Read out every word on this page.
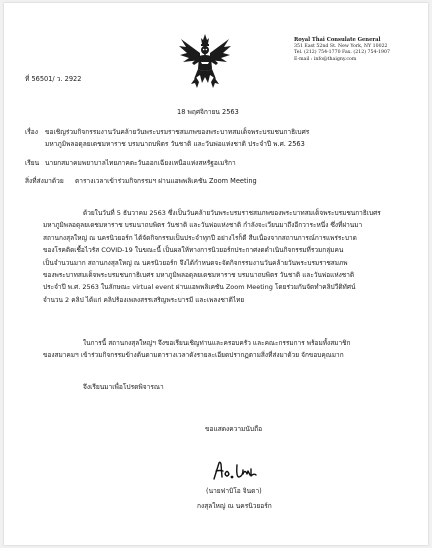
Royal Thai Consulate General
351 East 52nd St. New York, NY 10022
Tel. (212) 754-1770 Fax. (212) 754-1907
E-mail : info@thaigny.com
ที่ 56501/ ว. 2922
18 พฤศจิกายน 2563
เรื่อง ขอเชิญร่วมกิจกรรมงานวันคล้ายวันพระบรมราชสมภพของพระบาทสมเด็จพระบรมชนกาธิเบศร
มหาภูมิพลอดุลยเดชมหาราช บรมนาถบพิตร วันชาติ และวันพ่อแห่งชาติ ประจำปี พ.ศ. 2563
เรียน นายกสมาคมพยาบาลไทยภาคตะวันออกเฉียงเหนือแห่งสหรัฐอเมริกา
สิ่งที่ส่งมาด้วย ตารางเวลาเข้าร่วมกิจกรรมฯ ผ่านแอพพลิเคชัน Zoom Meeting
ด้วยในวันที่ 5 ธันวาคม 2563 ซึ่งเป็นวันคล้ายวันพระบรมราชสมภพของพระบาทสมเด็จพระบรมชนกาธิเบศร
มหาภูมิพลอดุลยเดชมหาราช บรมนาถบพิตร วันชาติ และวันพ่อแห่งชาติ กำลังจะเวียนมาถึงอีกวาระหนึ่ง ซึ่งที่ผ่านมา
สถานกงสุลใหญ่ ณ นครนิวยอร์ก ได้จัดกิจกรรมเป็นประจำทุกปี อย่างไรก็ดี สืบเนื่องจากสถานการณ์การแพร่ระบาด
ของโรคติดเชื้อไวรัส COVID-19 ในขณะนี้ เป็นผลให้ทางการนิวยอร์กประกาศงดดำเนินกิจกรรมที่รวมกลุ่มคน
เป็นจำนวนมาก สถานกงสุลใหญ่ ณ นครนิวยอร์ก จึงได้กำหนดจะจัดกิจกรรมงานวันคล้ายวันพระบรมราชสมภพ
ของพระบาทสมเด็จพระบรมชนกาธิเบศร มหาภูมิพลอดุลยเดชมหาราช บรมนาถบพิตร วันชาติ และวันพ่อแห่งชาติ
ประจำปี พ.ศ. 2563 ในลักษณะ virtual event ผ่านแอพพลิเคชัน Zoom Meeting โดยร่วมกันจัดทำคลิปวีดิทัศน์
จำนวน 2 คลิป ได้แก่ คลิปร้องเพลงสรรเสริญพระบารมี และเพลงชาติไทย
ในการนี้ สถานกงสุลใหญ่ฯ จึงขอเรียนเชิญท่านและครอบครัว และคณะกรรมการ พร้อมทั้งสมาชิก
ของสมาคมฯ เข้าร่วมกิจกรรมข้างต้นตามตารางเวลาดังรายละเอียดปรากฏตามสิ่งที่ส่งมาด้วย จักขอบคุณมาก
จึงเรียนมาเพื่อโปรดพิจารณา
ขอแสดงความนับถือ
(นายฟาบิโอ จินดา)
กงสุลใหญ่ ณ นครนิวยอร์ก
